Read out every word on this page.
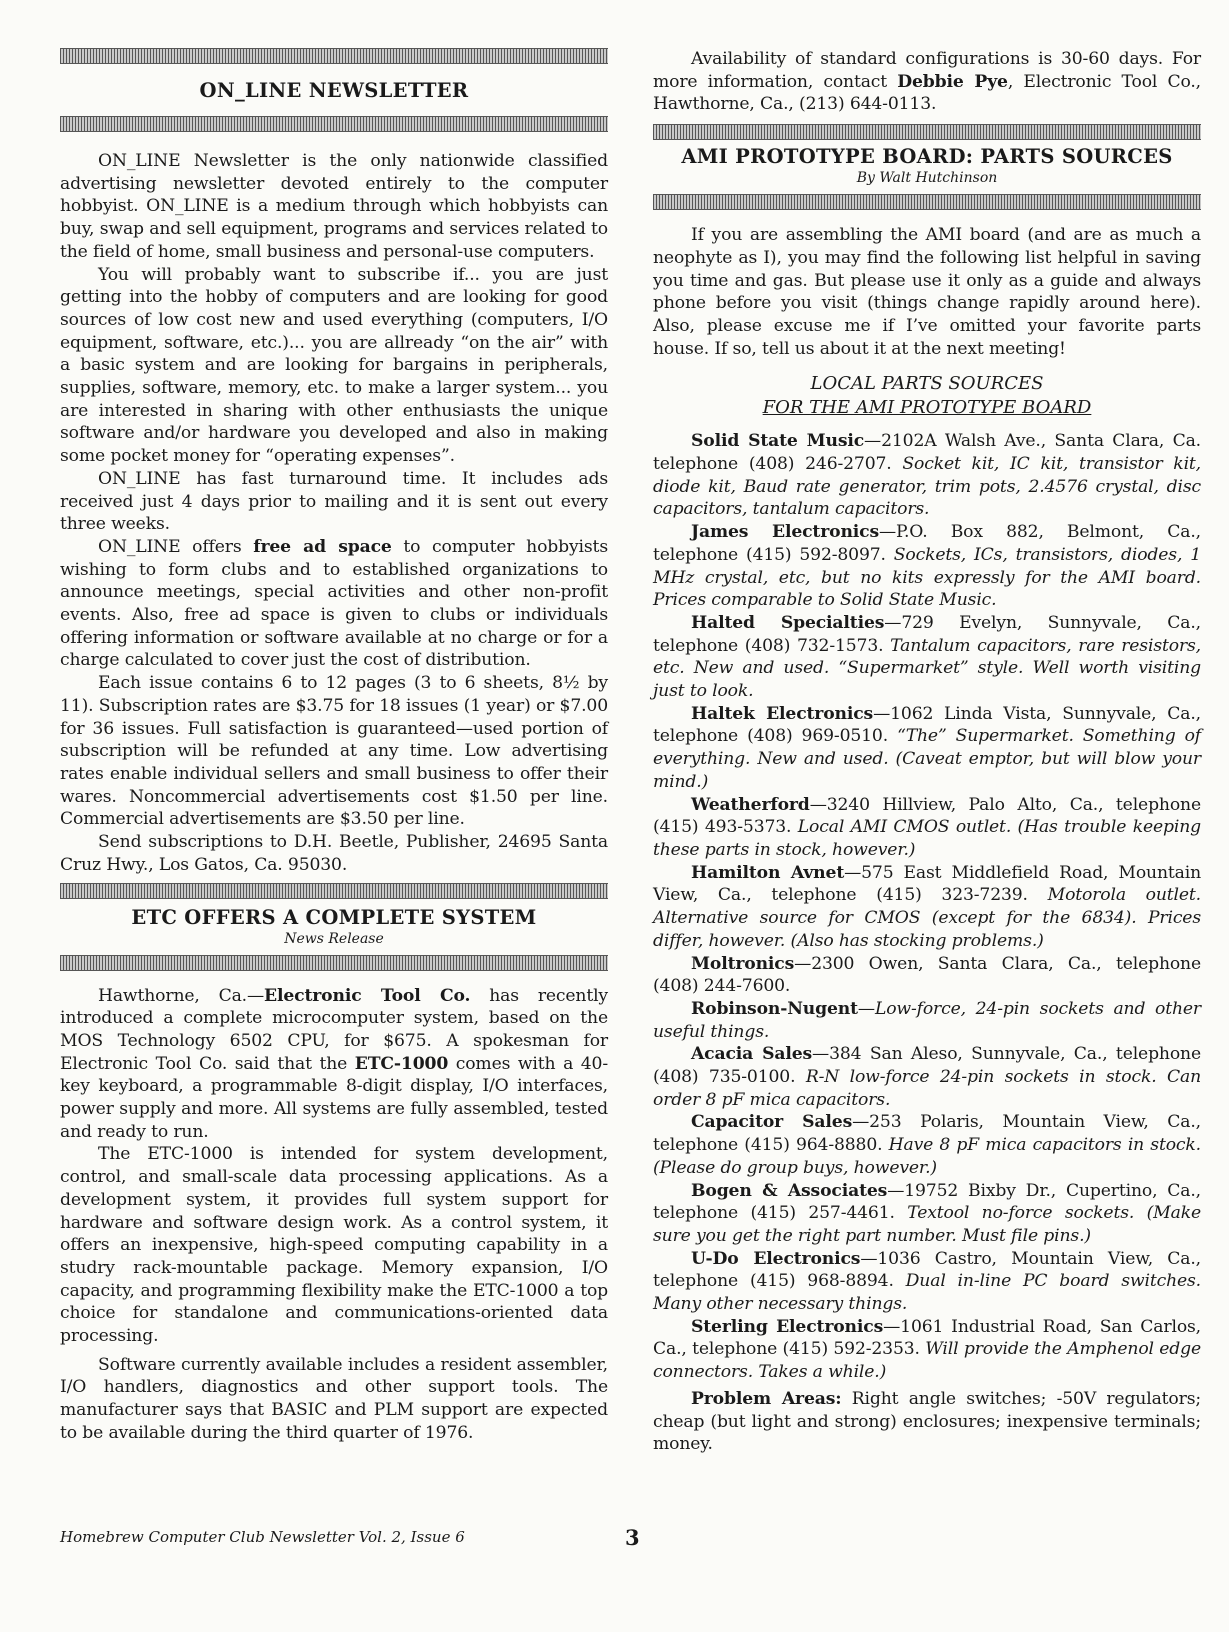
ON_LINE NEWSLETTER

ON_LINE Newsletter is the only nationwide classified advertising newsletter devoted entirely to the computer hobbyist. ON_LINE is a medium through which hobbyists can buy, swap and sell equipment, programs and services related to the field of home, small business and personal-use computers.

You will probably want to subscribe if... you are just getting into the hobby of computers and are looking for good sources of low cost new and used everything (computers, I/O equipment, software, etc.)... you are allready “on the air” with a basic system and are looking for bargains in peripherals, supplies, software, memory, etc. to make a larger system... you are interested in sharing with other enthusiasts the unique software and/or hardware you developed and also in making some pocket money for “operating expenses”.

ON_LINE has fast turnaround time. It includes ads received just 4 days prior to mailing and it is sent out every three weeks.

ON_LINE offers free ad space to computer hobbyists wishing to form clubs and to established organizations to announce meetings, special activities and other non-profit events. Also, free ad space is given to clubs or individuals offering information or software available at no charge or for a charge calculated to cover just the cost of distribution.

Each issue contains 6 to 12 pages (3 to 6 sheets, 8½ by 11). Subscription rates are $3.75 for 18 issues (1 year) or $7.00 for 36 issues. Full satisfaction is guaranteed—used portion of subscription will be refunded at any time. Low advertising rates enable individual sellers and small business to offer their wares. Noncommercial advertisements cost $1.50 per line. Commercial advertisements are $3.50 per line.

Send subscriptions to D.H. Beetle, Publisher, 24695 Santa Cruz Hwy., Los Gatos, Ca. 95030.

ETC OFFERS A COMPLETE SYSTEM

News Release

Hawthorne, Ca.—Electronic Tool Co. has recently introduced a complete microcomputer system, based on the MOS Technology 6502 CPU, for $675. A spokesman for Electronic Tool Co. said that the ETC-1000 comes with a 40-key keyboard, a programmable 8-digit display, I/O interfaces, power supply and more. All systems are fully assembled, tested and ready to run.

The ETC-1000 is intended for system development, control, and small-scale data processing applications. As a development system, it provides full system support for hardware and software design work. As a control system, it offers an inexpensive, high-speed computing capability in a studry rack-mountable package. Memory expansion, I/O capacity, and programming flexibility make the ETC-1000 a top choice for standalone and communications-oriented data processing.

Software currently available includes a resident assembler, I/O handlers, diagnostics and other support tools. The manufacturer says that BASIC and PLM support are expected to be available during the third quarter of 1976.

Availability of standard configurations is 30-60 days. For more information, contact Debbie Pye, Electronic Tool Co., Hawthorne, Ca., (213) 644-0113.

AMI PROTOTYPE BOARD: PARTS SOURCES

By Walt Hutchinson

If you are assembling the AMI board (and are as much a neophyte as I), you may find the following list helpful in saving you time and gas. But please use it only as a guide and always phone before you visit (things change rapidly around here). Also, please excuse me if I’ve omitted your favorite parts house. If so, tell us about it at the next meeting!

LOCAL PARTS SOURCES

FOR THE AMI PROTOTYPE BOARD

Solid State Music—2102A Walsh Ave., Santa Clara, Ca. telephone (408) 246-2707. Socket kit, IC kit, transistor kit, diode kit, Baud rate generator, trim pots, 2.4576 crystal, disc capacitors, tantalum capacitors.

James Electronics—P.O. Box 882, Belmont, Ca., telephone (415) 592-8097. Sockets, ICs, transistors, diodes, 1 MHz crystal, etc, but no kits expressly for the AMI board. Prices comparable to Solid State Music.

Halted Specialties—729 Evelyn, Sunnyvale, Ca., telephone (408) 732-1573. Tantalum capacitors, rare resistors, etc. New and used. “Supermarket” style. Well worth visiting just to look.

Haltek Electronics—1062 Linda Vista, Sunnyvale, Ca., telephone (408) 969-0510. “The” Supermarket. Something of everything. New and used. (Caveat emptor, but will blow your mind.)

Weatherford—3240 Hillview, Palo Alto, Ca., telephone (415) 493-5373. Local AMI CMOS outlet. (Has trouble keeping these parts in stock, however.)

Hamilton Avnet—575 East Middlefield Road, Mountain View, Ca., telephone (415) 323-7239. Motorola outlet. Alternative source for CMOS (except for the 6834). Prices differ, however. (Also has stocking problems.)

Moltronics—2300 Owen, Santa Clara, Ca., telephone (408) 244-7600.

Robinson-Nugent—Low-force, 24-pin sockets and other useful things.

Acacia Sales—384 San Aleso, Sunnyvale, Ca., telephone (408) 735-0100. R-N low-force 24-pin sockets in stock. Can order 8 pF mica capacitors.

Capacitor Sales—253 Polaris, Mountain View, Ca., telephone (415) 964-8880. Have 8 pF mica capacitors in stock. (Please do group buys, however.)

Bogen & Associates—19752 Bixby Dr., Cupertino, Ca., telephone (415) 257-4461. Textool no-force sockets. (Make sure you get the right part number. Must file pins.)

U-Do Electronics—1036 Castro, Mountain View, Ca., telephone (415) 968-8894. Dual in-line PC board switches. Many other necessary things.

Sterling Electronics—1061 Industrial Road, San Carlos, Ca., telephone (415) 592-2353. Will provide the Amphenol edge connectors. Takes a while.)

Problem Areas: Right angle switches; -50V regulators; cheap (but light and strong) enclosures; inexpensive terminals; money.

Homebrew Computer Club Newsletter Vol. 2, Issue 6	3
